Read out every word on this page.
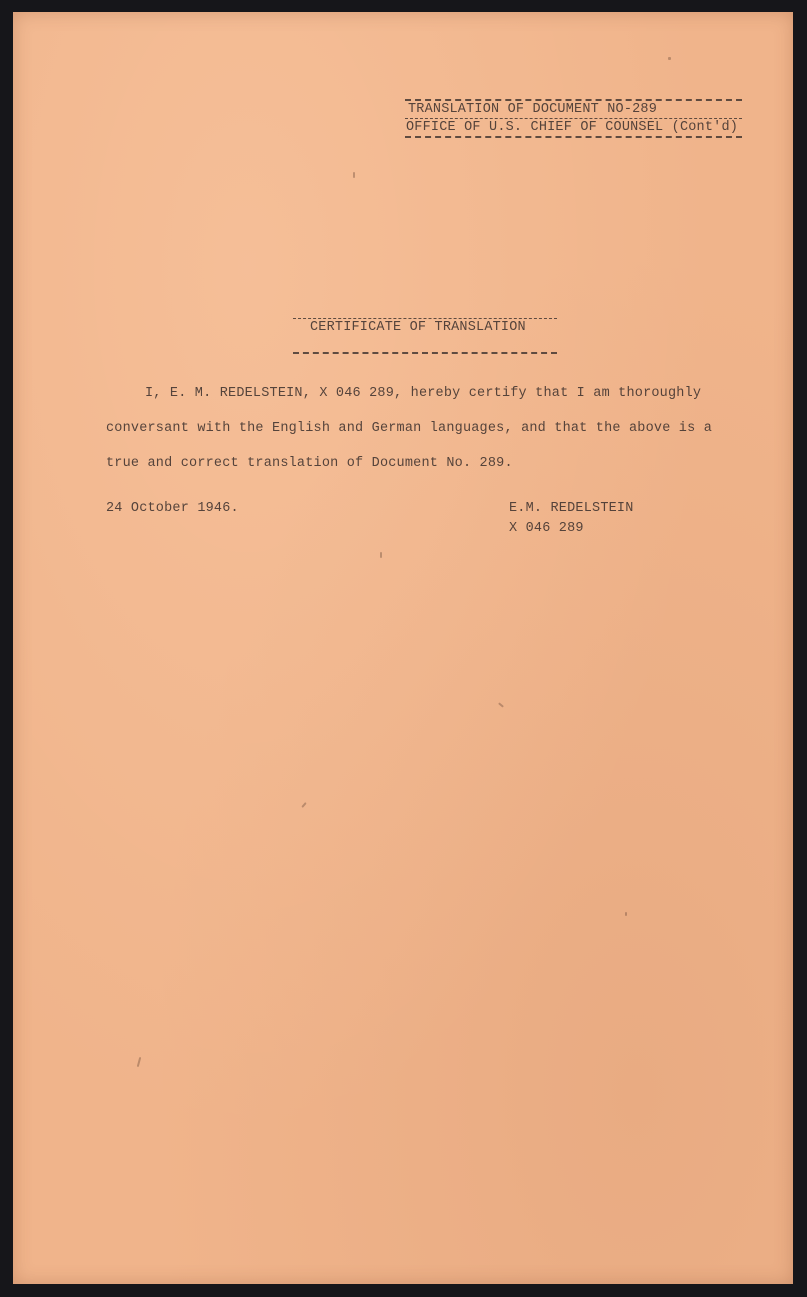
TRANSLATION OF DOCUMENT NO-289
OFFICE OF U.S. CHIEF OF COUNSEL (Cont'd)
CERTIFICATE OF TRANSLATION
I, E. M. REDELSTEIN, X 046 289, hereby certify that I am thoroughly
conversant with the English and German languages, and that the above is a
true and correct translation of Document No. 289.
24 October 1946.	E.M. REDELSTEIN
X 046 289
